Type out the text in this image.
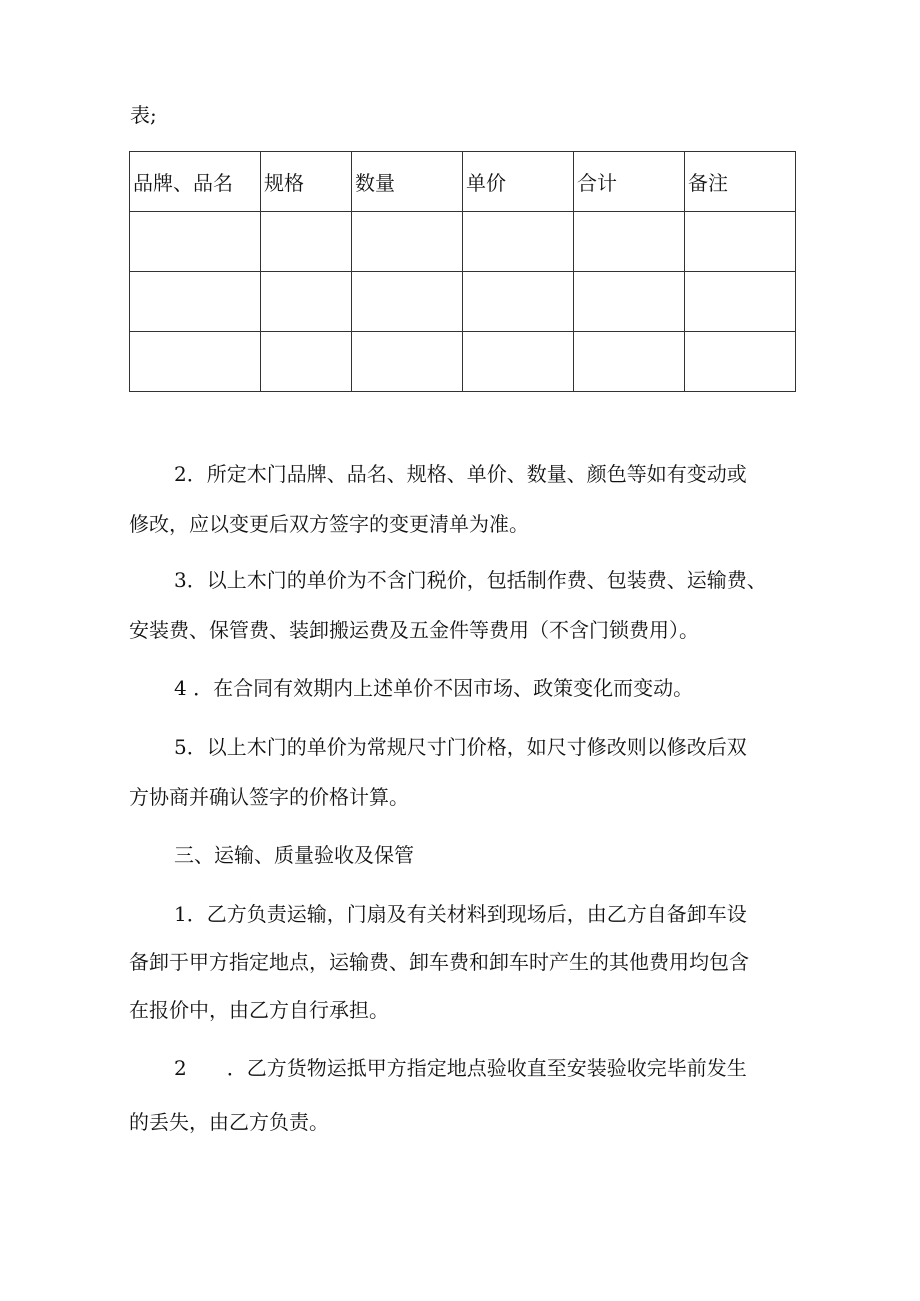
表;
品牌、品名	规格	数量	单价	合计	备注

2．所定木门品牌、品名、规格、单价、数量、颜色等如有变动或
修改，应以变更后双方签字的变更清单为准。
3．以上木门的单价为不含门税价，包括制作费、包装费、运输费、
安装费、保管费、装卸搬运费及五金件等费用（不含门锁费用）。
4 ．在合同有效期内上述单价不因市场、政策变化而变动。
5．以上木门的单价为常规尺寸门价格，如尺寸修改则以修改后双
方协商并确认签字的价格计算。
三、运输、质量验收及保管
1．乙方负责运输，门扇及有关材料到现场后，由乙方自备卸车设
备卸于甲方指定地点，运输费、卸车费和卸车时产生的其他费用均包含
在报价中，由乙方自行承担。
2　　．乙方货物运抵甲方指定地点验收直至安装验收完毕前发生
的丢失，由乙方负责。
